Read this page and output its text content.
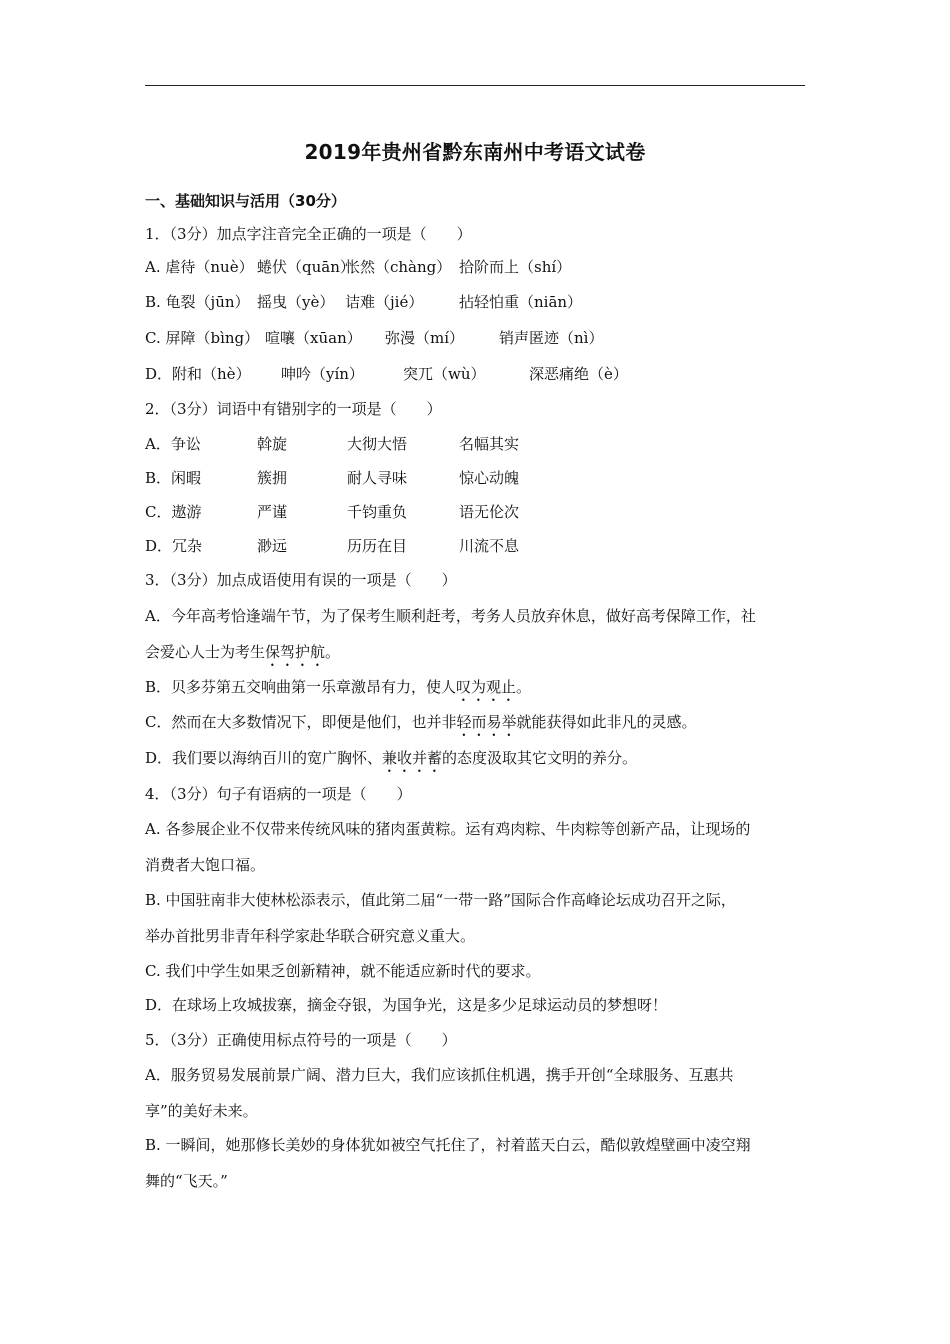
2019年贵州省黔东南州中考语文试卷
一、基础知识与活用（30分）
1．（3分）加点字注音完全正确的一项是（　　）
A. 虐待（nuè） 蜷伏（quān）怅然（chàng） 拾阶而上（shí）
B. 龟裂（jūn） 摇曳（yè） 诘难（jié） 拈轻怕重（niān）
C. 屏障（bìng） 喧嚷（xūan） 弥漫（mí） 销声匿迹（nì）
D．附和（hè） 呻吟（yín）	突兀（wù）	深恶痛绝（è）
2．（3分）词语中有错别字的一项是（　　）
A．争讼	斡旋	大彻大悟	名幅其实
B．闲暇	簇拥	耐人寻味	惊心动魄
C．遨游	严谨	千钧重负	语无伦次
D．冗杂	渺远	历历在目	川流不息
3．（3分）加点成语使用有误的一项是（　　）
A．今年高考恰逢端午节，为了保考生顺利赶考，考务人员放弃休息，做好高考保障工作，社
会爱心人士为考生保驾护航。
B．贝多芬第五交响曲第一乐章激昂有力，使人叹为观止。
C．然而在大多数情况下，即便是他们，也并非轻而易举就能获得如此非凡的灵感。
D．我们要以海纳百川的宽广胸怀、兼收并蓄的态度汲取其它文明的养分。
4．（3分）句子有语病的一项是（　　）
A. 各参展企业不仅带来传统风味的猪肉蛋黄粽。运有鸡肉粽、牛肉粽等创新产品，让现场的
消费者大饱口福。
B. 中国驻南非大使林松添表示，值此第二届“一带一路”国际合作高峰论坛成功召开之际，
举办首批男非青年科学家赴华联合研究意义重大。
C. 我们中学生如果乏创新精神，就不能适应新时代的要求。
D．在球场上攻城拔寨，摘金夺银，为国争光，这是多少足球运动员的梦想呀！
5．（3分）正确使用标点符号的一项是（　　）
A．服务贸易发展前景广阔、潜力巨大，我们应该抓住机遇，携手开创“全球服务、互惠共
享”的美好未来。
B. 一瞬间，她那修长美妙的身体犹如被空气托住了，衬着蓝天白云，酷似敦煌壁画中凌空翔
舞的“飞天。”
